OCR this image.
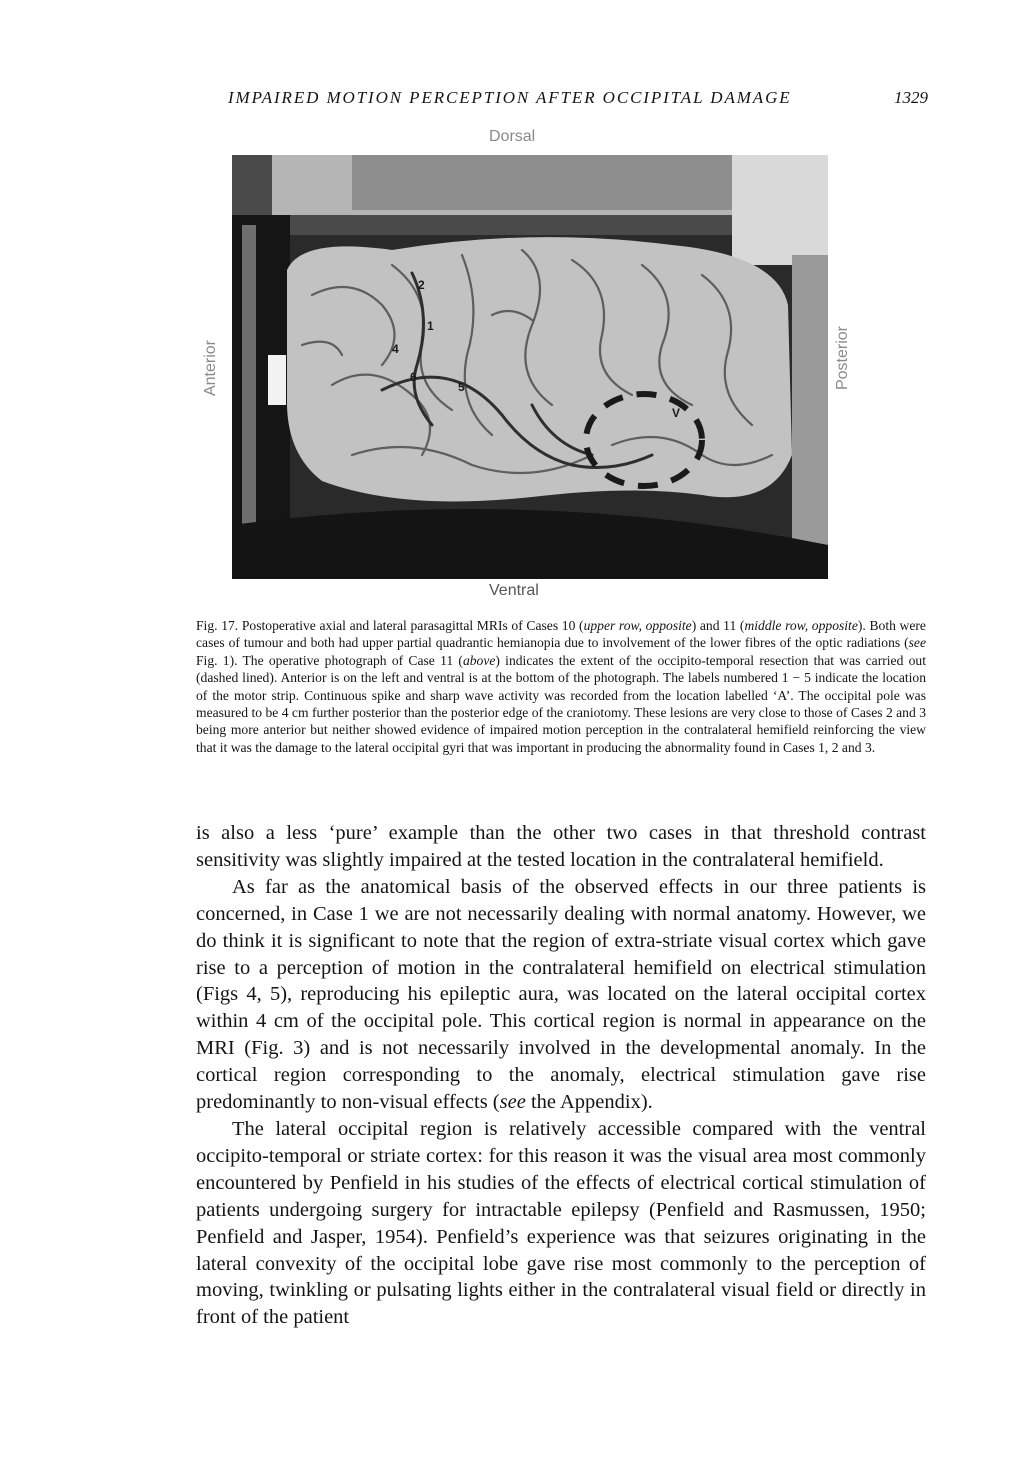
IMPAIRED MOTION PERCEPTION AFTER OCCIPITAL DAMAGE	1329
Dorsal
Anterior	Posterior
2
1
4
6
5
V
Ventral
Fig. 17. Postoperative axial and lateral parasagittal MRIs of Cases 10 (upper row, opposite) and 11 (middle row, opposite). Both were cases of tumour and both had upper partial quadrantic hemianopia due to involvement of the lower fibres of the optic radiations (see Fig. 1). The operative photograph of Case 11 (above) indicates the extent of the occipito-temporal resection that was carried out (dashed lined). Anterior is on the left and ventral is at the bottom of the photograph. The labels numbered 1 − 5 indicate the location of the motor strip. Continuous spike and sharp wave activity was recorded from the location labelled ‘A’. The occipital pole was measured to be 4 cm further posterior than the posterior edge of the craniotomy. These lesions are very close to those of Cases 2 and 3 being more anterior but neither showed evidence of impaired motion perception in the contralateral hemifield reinforcing the view that it was the damage to the lateral occipital gyri that was important in producing the abnormality found in Cases 1, 2 and 3.

is also a less ‘pure’ example than the other two cases in that threshold contrast sensitivity was slightly impaired at the tested location in the contralateral hemifield.

As far as the anatomical basis of the observed effects in our three patients is concerned, in Case 1 we are not necessarily dealing with normal anatomy. However, we do think it is significant to note that the region of extra-striate visual cortex which gave rise to a perception of motion in the contralateral hemifield on electrical stimulation (Figs 4, 5), reproducing his epileptic aura, was located on the lateral occipital cortex within 4 cm of the occipital pole. This cortical region is normal in appearance on the MRI (Fig. 3) and is not necessarily involved in the developmental anomaly. In the cortical region corresponding to the anomaly, electrical stimulation gave rise predominantly to non-visual effects (see the Appendix).

The lateral occipital region is relatively accessible compared with the ventral occipito-temporal or striate cortex: for this reason it was the visual area most commonly encountered by Penfield in his studies of the effects of electrical cortical stimulation of patients undergoing surgery for intractable epilepsy (Penfield and Rasmussen, 1950; Penfield and Jasper, 1954). Penfield’s experience was that seizures originating in the lateral convexity of the occipital lobe gave rise most commonly to the perception of moving, twinkling or pulsating lights either in the contralateral visual field or directly in front of the patient
